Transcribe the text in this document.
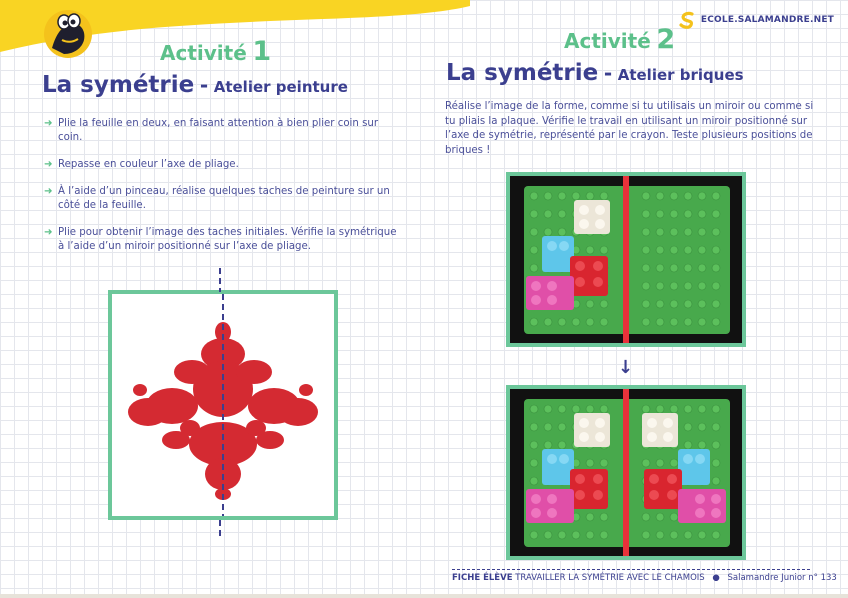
ECOLE.SALAMANDRE.NET
Activité 1
La symétrie - Atelier peinture
➜ Plie la feuille en deux, en faisant attention à bien plier coin sur coin.
➜ Repasse en couleur l’axe de pliage.
➜ À l’aide d’un pinceau, réalise quelques taches de peinture sur un côté de la feuille.
➜ Plie pour obtenir l’image des taches initiales. Vérifie la symétrique à l’aide d’un miroir positionné sur l’axe de pliage.
Activité 2
La symétrie - Atelier briques
Réalise l’image de la forme, comme si tu utilisais un miroir ou comme si tu pliais la plaque. Vérifie le travail en utilisant un miroir positionné sur l’axe de symétrie, représenté par le crayon. Teste plusieurs positions de briques !
↓
FICHE ÉLÈVE TRAVAILLER LA SYMÉTRIE AVEC LE CHAMOIS ● Salamandre Junior n° 133
